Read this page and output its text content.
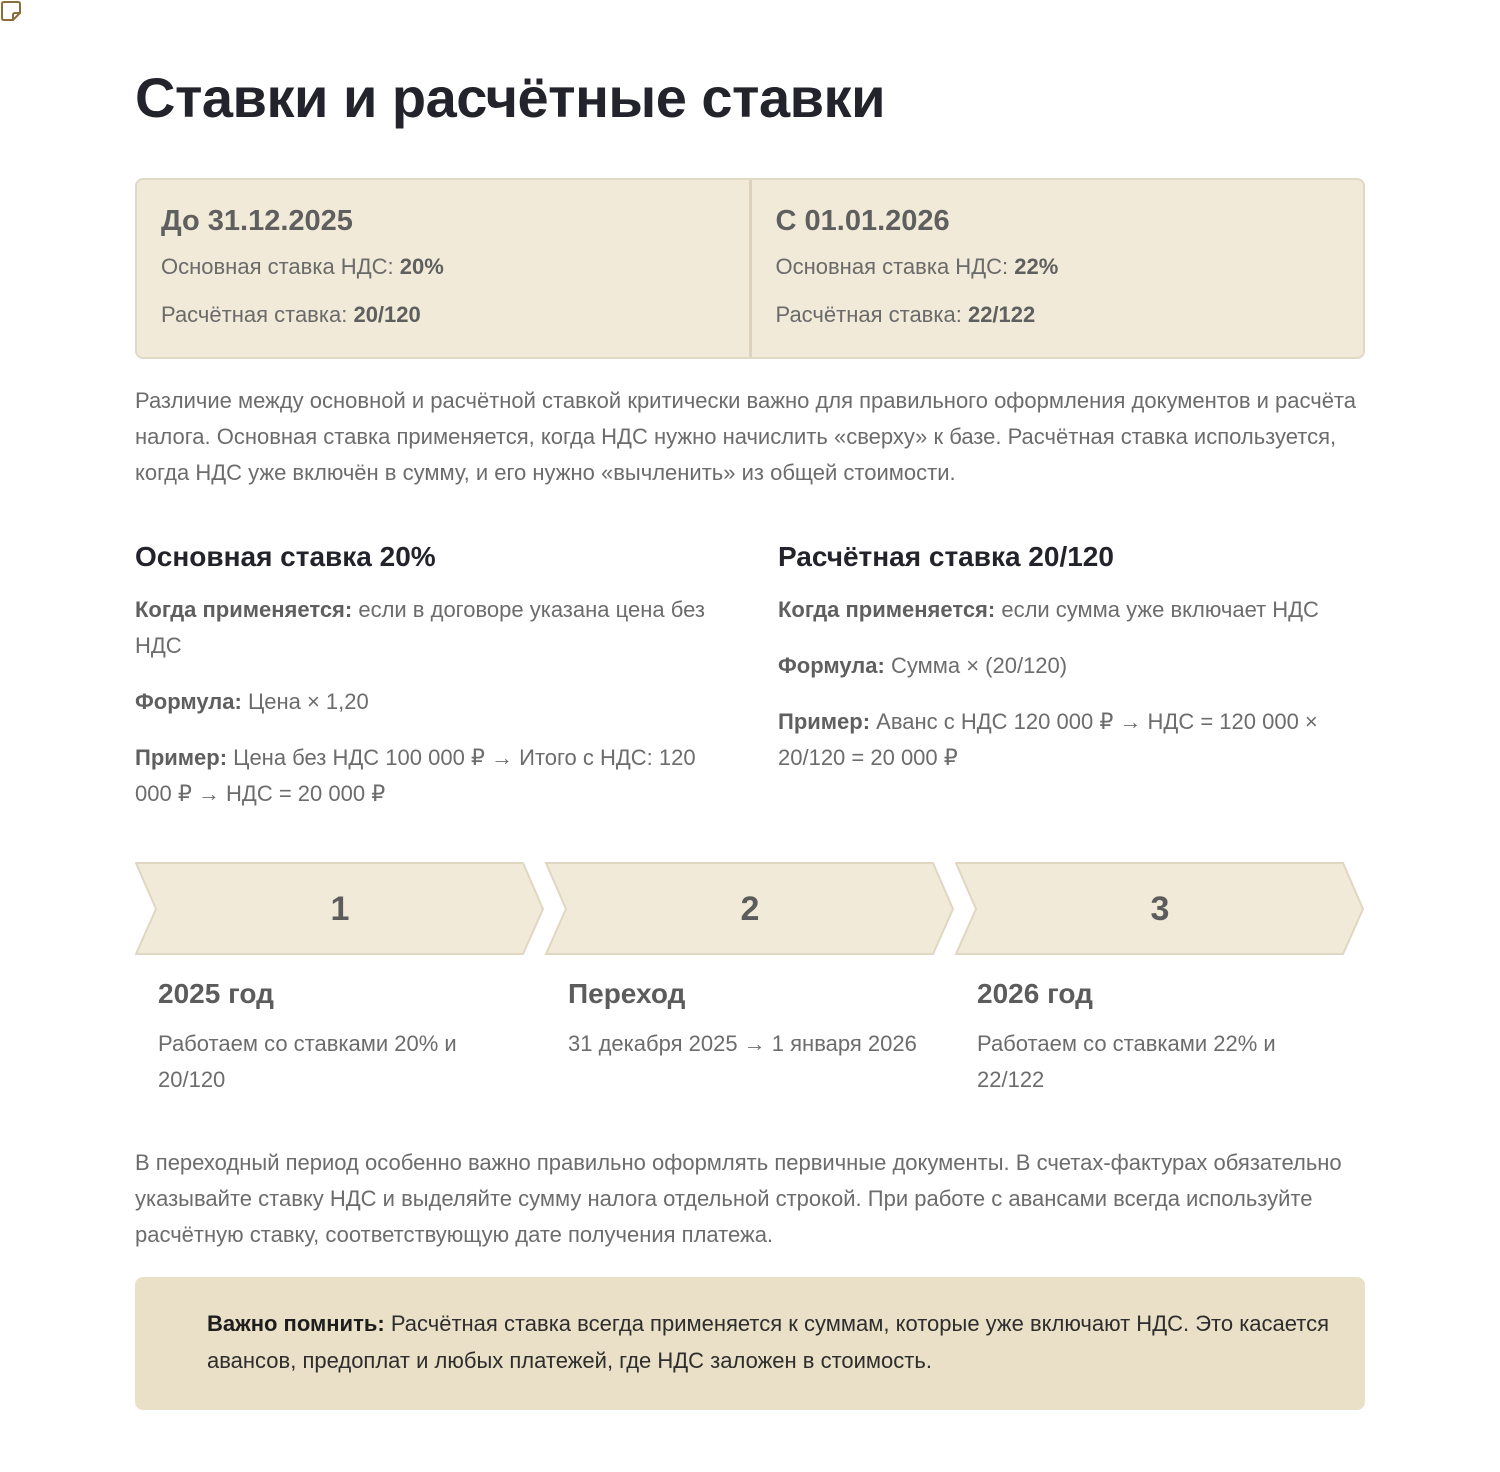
Ставки и расчётные ставки
До 31.12.2025
Основная ставка НДС: 20%
Расчётная ставка: 20/120
С 01.01.2026
Основная ставка НДС: 22%
Расчётная ставка: 22/122

Различие между основной и расчётной ставкой критически важно для правильного оформления документов и расчёта налога. Основная ставка применяется, когда НДС нужно начислить «сверху» к базе. Расчётная ставка используется, когда НДС уже включён в сумму, и его нужно «вычленить» из общей стоимости.

Основная ставка 20%

Когда применяется: если в договоре указана цена без НДС

Формула: Цена × 1,20

Пример: Цена без НДС 100 000 ₽ → Итого с НДС: 120 000 ₽ → НДС = 20 000 ₽

Расчётная ставка 20/120

Когда применяется: если сумма уже включает НДС

Формула: Сумма × (20/120)

Пример: Аванс с НДС 120 000 ₽ → НДС = 120 000 × 20/120 = 20 000 ₽

1	2	3
2025 год

Работаем со ставками 20% и 20/120

Переход

31 декабря 2025 → 1 января 2026

2026 год

Работаем со ставками 22% и 22/122

В переходный период особенно важно правильно оформлять первичные документы. В счетах-фактурах обязательно указывайте ставку НДС и выделяйте сумму налога отдельной строкой. При работе с авансами всегда используйте расчётную ставку, соответствующую дате получения платежа.

Важно помнить: Расчётная ставка всегда применяется к суммам, которые уже включают НДС. Это касается авансов, предоплат и любых платежей, где НДС заложен в стоимость.
